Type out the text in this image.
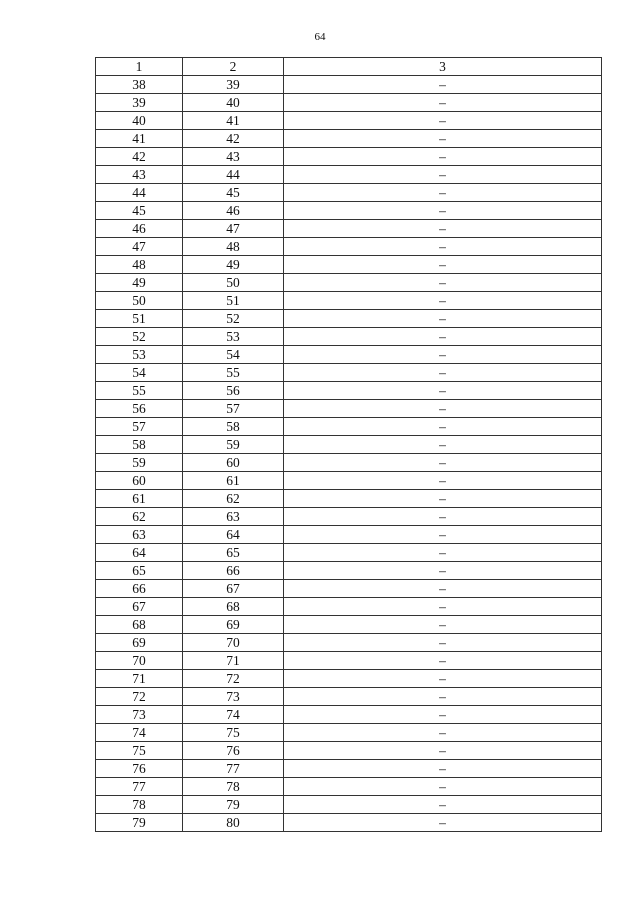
64
1	2	3
38	39	–
39	40	–
40	41	–
41	42	–
42	43	–
43	44	–
44	45	–
45	46	–
46	47	–
47	48	–
48	49	–
49	50	–
50	51	–
51	52	–
52	53	–
53	54	–
54	55	–
55	56	–
56	57	–
57	58	–
58	59	–
59	60	–
60	61	–
61	62	–
62	63	–
63	64	–
64	65	–
65	66	–
66	67	–
67	68	–
68	69	–
69	70	–
70	71	–
71	72	–
72	73	–
73	74	–
74	75	–
75	76	–
76	77	–
77	78	–
78	79	–
79	80	–
